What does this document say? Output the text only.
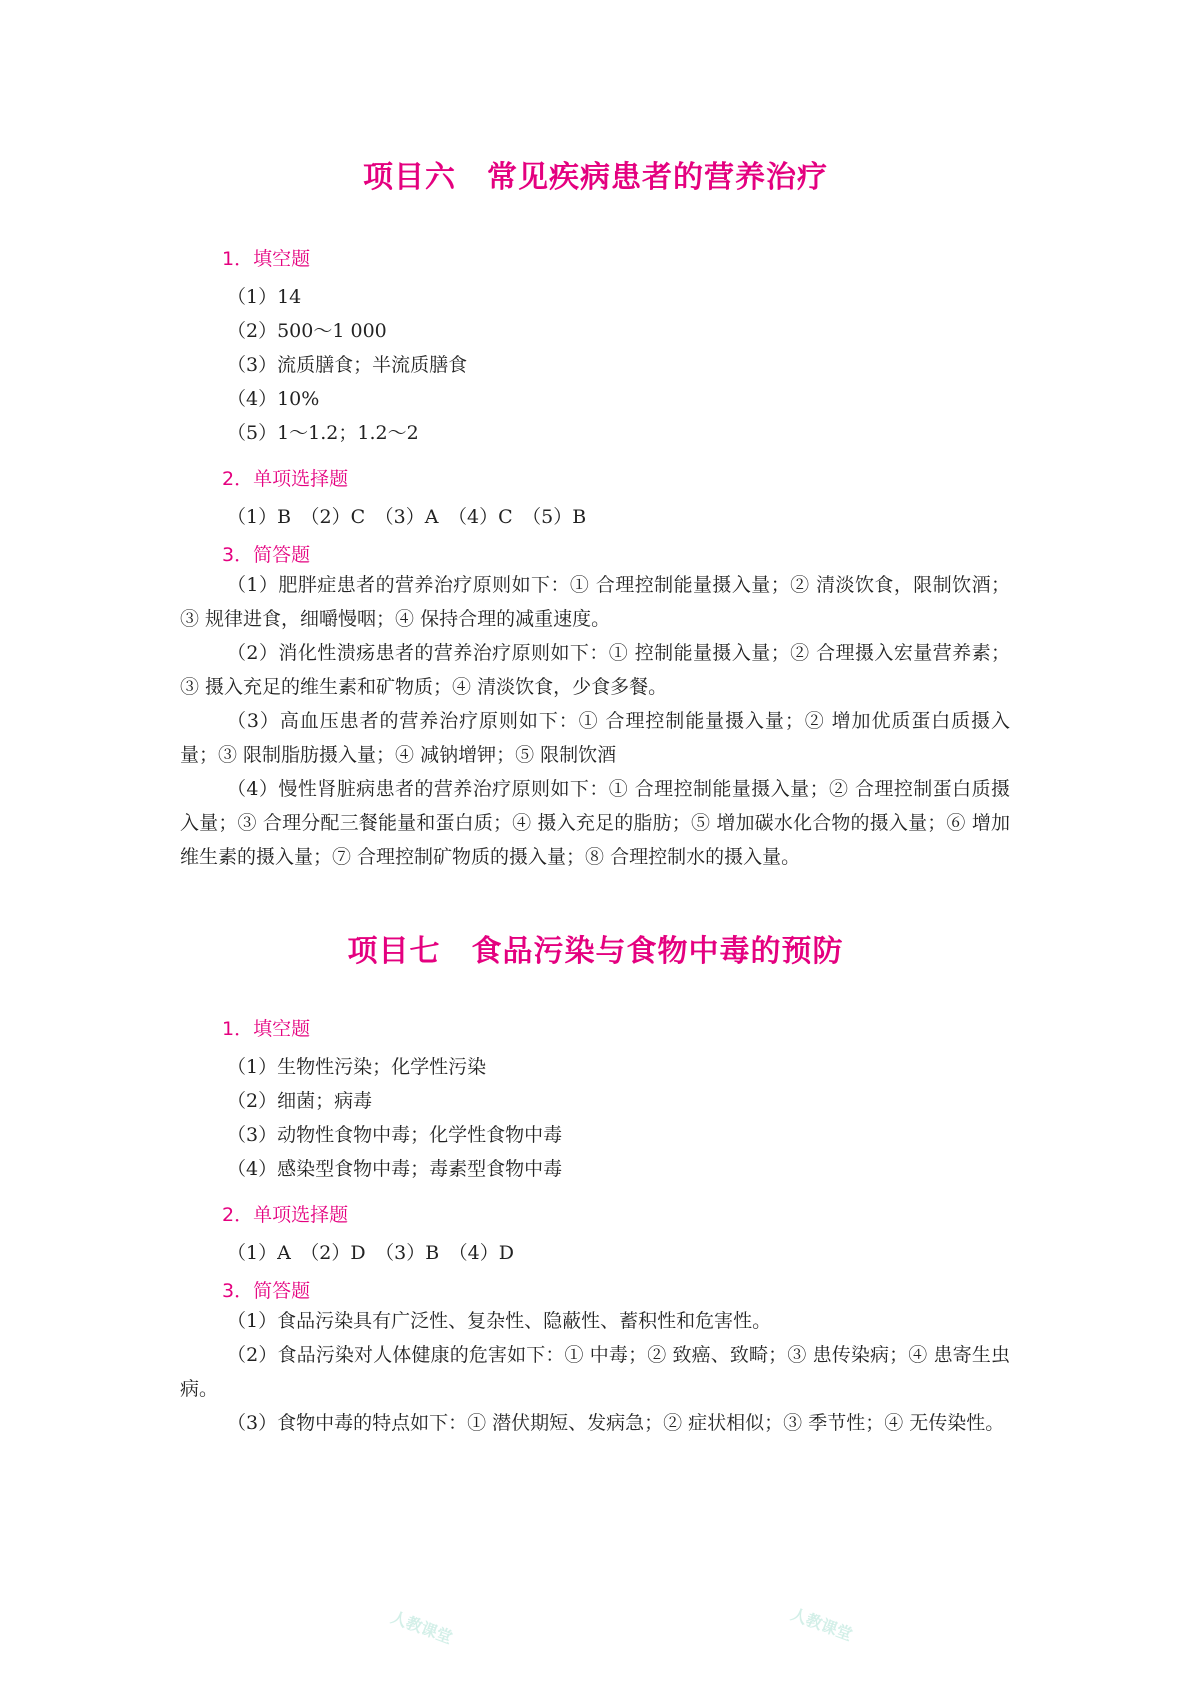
项目六　常见疾病患者的营养治疗
1．填空题
（1）14
（2）500～1 000
（3）流质膳食；半流质膳食
（4）10%
（5）1～1.2；1.2～2
2．单项选择题
（1）B　（2）C　（3）A　（4）C　（5）B
3．简答题
（1）肥胖症患者的营养治疗原则如下：① 合理控制能量摄入量；② 清淡饮食，限制饮酒；③ 规律进食，细嚼慢咽；④ 保持合理的减重速度。
（2）消化性溃疡患者的营养治疗原则如下：① 控制能量摄入量；② 合理摄入宏量营养素；③ 摄入充足的维生素和矿物质；④ 清淡饮食，少食多餐。
（3）高血压患者的营养治疗原则如下：① 合理控制能量摄入量；② 增加优质蛋白质摄入量；③ 限制脂肪摄入量；④ 减钠增钾；⑤ 限制饮酒
（4）慢性肾脏病患者的营养治疗原则如下：① 合理控制能量摄入量；② 合理控制蛋白质摄入量；③ 合理分配三餐能量和蛋白质；④ 摄入充足的脂肪；⑤ 增加碳水化合物的摄入量；⑥ 增加维生素的摄入量；⑦ 合理控制矿物质的摄入量；⑧ 合理控制水的摄入量。
项目七　食品污染与食物中毒的预防
1．填空题
（1）生物性污染；化学性污染
（2）细菌；病毒
（3）动物性食物中毒；化学性食物中毒
（4）感染型食物中毒；毒素型食物中毒
2．单项选择题
（1）A　（2）D　（3）B　（4）D
3．简答题
（1）食品污染具有广泛性、复杂性、隐蔽性、蓄积性和危害性。
（2）食品污染对人体健康的危害如下：① 中毒；② 致癌、致畸；③ 患传染病；④ 患寄生虫病。
（3）食物中毒的特点如下：① 潜伏期短、发病急；② 症状相似；③ 季节性；④ 无传染性。
人教课堂	人教课堂
